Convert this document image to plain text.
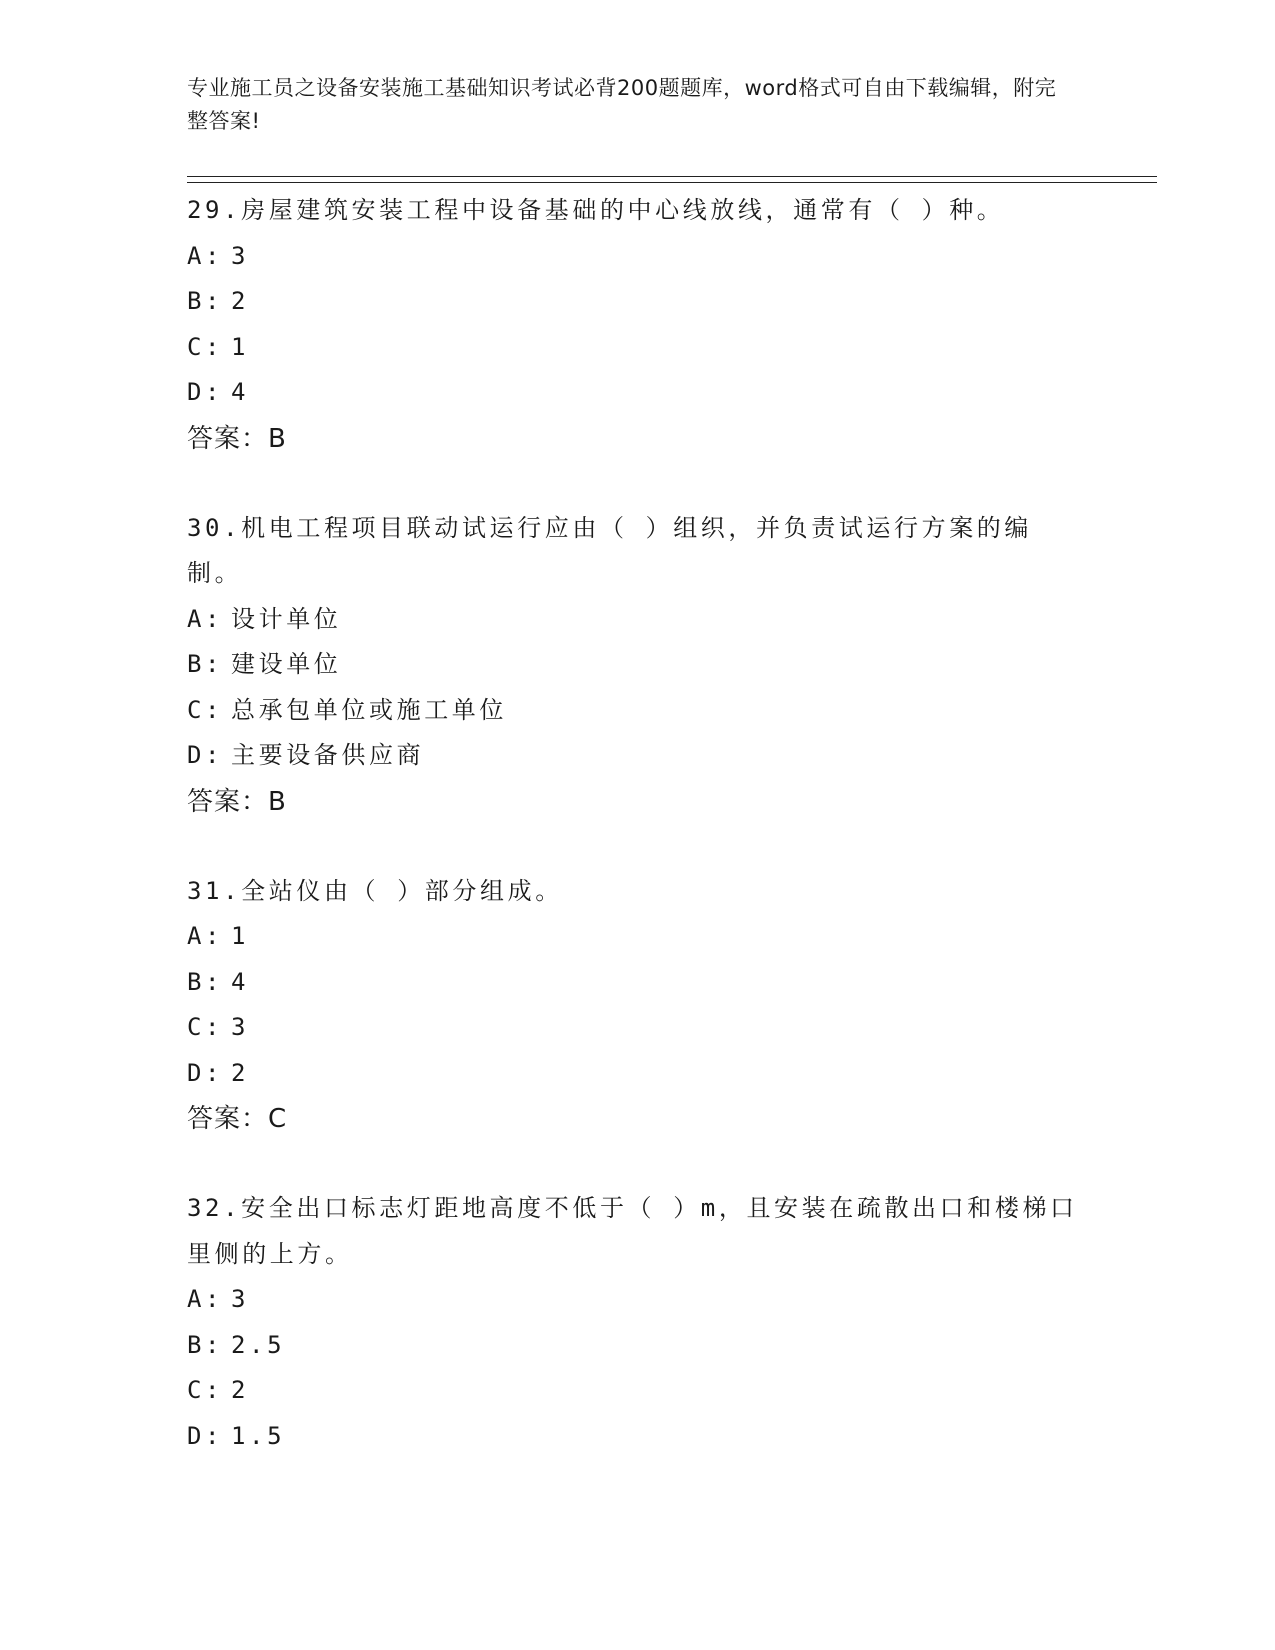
专业施工员之设备安装施工基础知识考试必背200题题库，word格式可自由下载编辑，附完整答案!

29.房屋建筑安装工程中设备基础的中心线放线，通常有（ ）种。

A: 3

B: 2

C: 1

D: 4

答案：B

30.机电工程项目联动试运行应由（ ）组织，并负责试运行方案的编制。

A: 设计单位

B: 建设单位

C: 总承包单位或施工单位

D: 主要设备供应商

答案：B

31.全站仪由（ ）部分组成。

A: 1

B: 4

C: 3

D: 2

答案：C

32.安全出口标志灯距地高度不低于（ ）m，且安装在疏散出口和楼梯口里侧的上方。

A: 3

B: 2.5

C: 2

D: 1.5
